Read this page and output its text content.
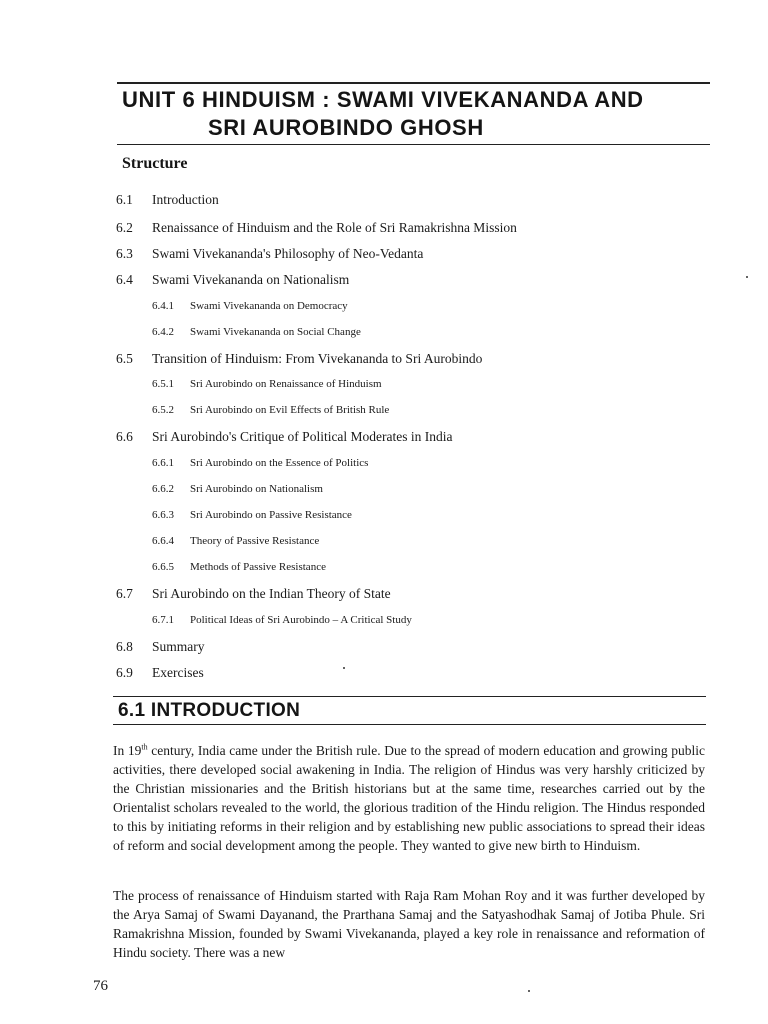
UNIT 6 HINDUISM : SWAMI VIVEKANANDA AND
SRI AUROBINDO GHOSH
Structure
6.1 Introduction
6.2 Renaissance of Hinduism and the Role of Sri Ramakrishna Mission
6.3 Swami Vivekananda's Philosophy of Neo-Vedanta
6.4 Swami Vivekananda on Nationalism
6.4.1 Swami Vivekananda on Democracy
6.4.2 Swami Vivekananda on Social Change
6.5 Transition of Hinduism: From Vivekananda to Sri Aurobindo
6.5.1 Sri Aurobindo on Renaissance of Hinduism
6.5.2 Sri Aurobindo on Evil Effects of British Rule
6.6 Sri Aurobindo's Critique of Political Moderates in India
6.6.1 Sri Aurobindo on the Essence of Politics
6.6.2 Sri Aurobindo on Nationalism
6.6.3 Sri Aurobindo on Passive Resistance
6.6.4 Theory of Passive Resistance
6.6.5 Methods of Passive Resistance
6.7 Sri Aurobindo on the Indian Theory of State
6.7.1 Political Ideas of Sri Aurobindo – A Critical Study
6.8 Summary
6.9 Exercises
6.1 INTRODUCTION

In 19th century, India came under the British rule. Due to the spread of modern education and growing public activities, there developed social awakening in India. The religion of Hindus was very harshly criticized by the Christian missionaries and the British historians but at the same time, researches carried out by the Orientalist scholars revealed to the world, the glorious tradition of the Hindu religion. The Hindus responded to this by initiating reforms in their religion and by establishing new public associations to spread their ideas of reform and social development among the people. They wanted to give new birth to Hinduism.

The process of renaissance of Hinduism started with Raja Ram Mohan Roy and it was further developed by the Arya Samaj of Swami Dayanand, the Prarthana Samaj and the Satyashodhak Samaj of Jotiba Phule. Sri Ramakrishna Mission, founded by Swami Vivekananda, played a key role in renaissance and reformation of Hindu society. There was a new

76
